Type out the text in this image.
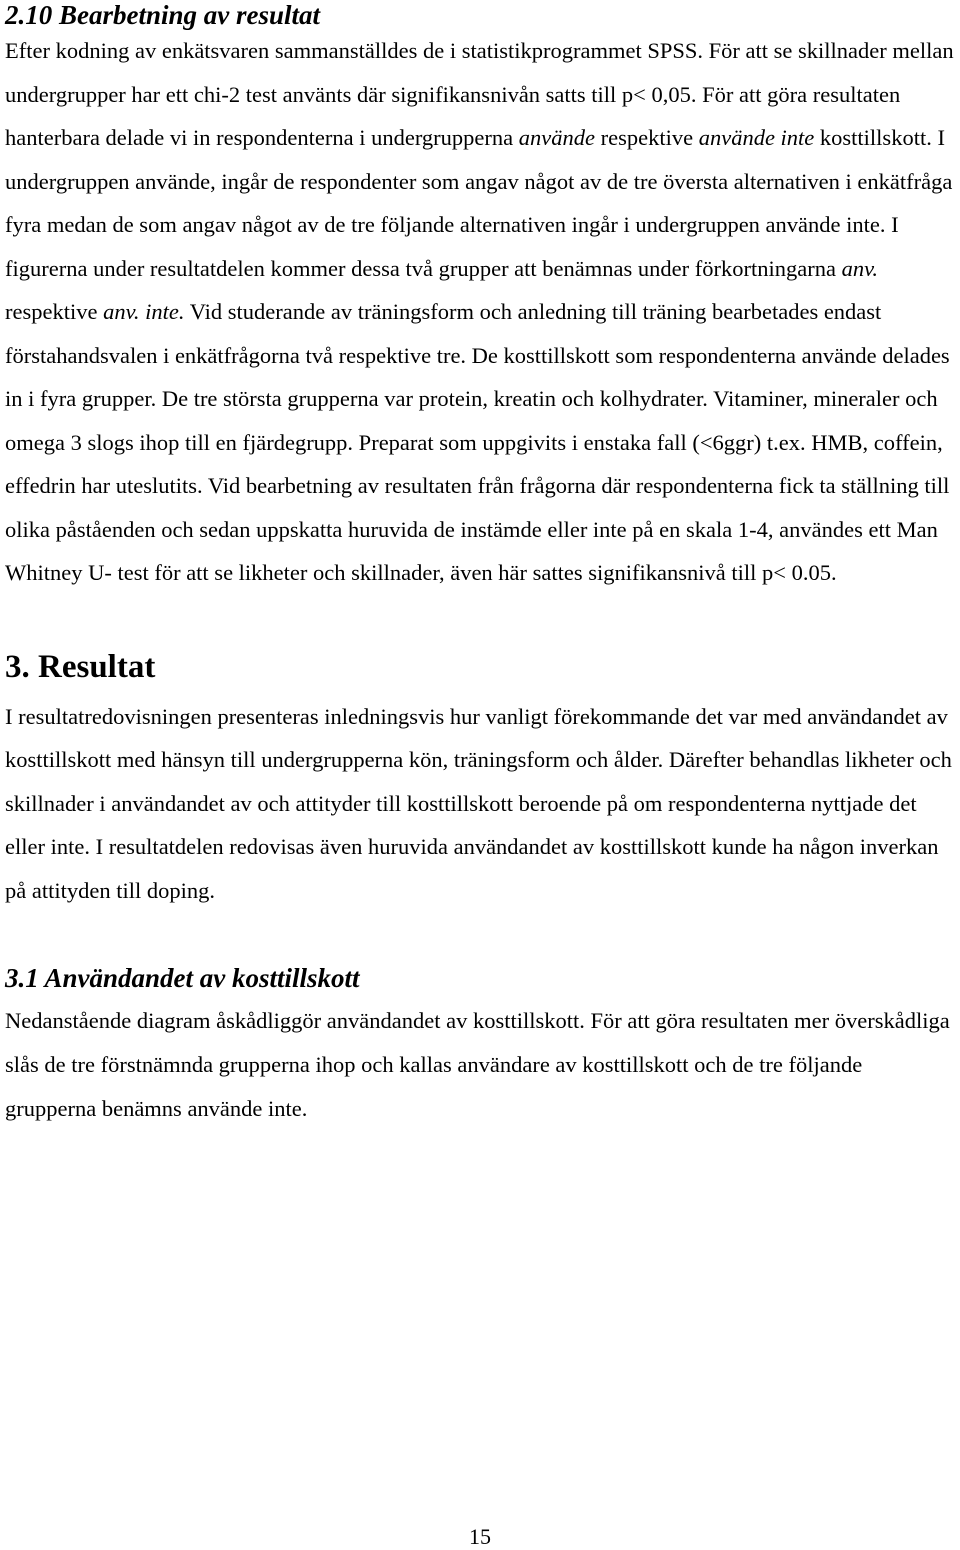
2.10 Bearbetning av resultat

Efter kodning av enkätsvaren sammanställdes de i statistikprogrammet SPSS. För att se skillnader mellan undergrupper har ett chi-2 test använts där signifikansnivån satts till p< 0,05. För att göra resultaten hanterbara delade vi in respondenterna i undergrupperna använde respektive använde inte kosttillskott. I undergruppen använde, ingår de respondenter som angav något av de tre översta alternativen i enkätfråga fyra medan de som angav något av de tre följande alternativen ingår i undergruppen använde inte. I figurerna under resultatdelen kommer dessa två grupper att benämnas under förkortningarna anv. respektive anv. inte. Vid studerande av träningsform och anledning till träning bearbetades endast förstahandsvalen i enkätfrågorna två respektive tre. De kosttillskott som respondenterna använde delades in i fyra grupper. De tre största grupperna var protein, kreatin och kolhydrater. Vitaminer, mineraler och omega 3 slogs ihop till en fjärdegrupp. Preparat som uppgivits i enstaka fall (<6ggr) t.ex. HMB, coffein, effedrin har uteslutits. Vid bearbetning av resultaten från frågorna där respondenterna fick ta ställning till olika påståenden och sedan uppskatta huruvida de instämde eller inte på en skala 1-4, användes ett Man Whitney U- test för att se likheter och skillnader, även här sattes signifikansnivå till p< 0.05.

3. Resultat

I resultatredovisningen presenteras inledningsvis hur vanligt förekommande det var med användandet av kosttillskott med hänsyn till undergrupperna kön, träningsform och ålder. Därefter behandlas likheter och skillnader i användandet av och attityder till kosttillskott beroende på om respondenterna nyttjade det eller inte. I resultatdelen redovisas även huruvida användandet av kosttillskott kunde ha någon inverkan på attityden till doping.

3.1 Användandet av kosttillskott

Nedanstående diagram åskådliggör användandet av kosttillskott. För att göra resultaten mer överskådliga slås de tre förstnämnda grupperna ihop och kallas användare av kosttillskott och de tre följande grupperna benämns använde inte.

15
